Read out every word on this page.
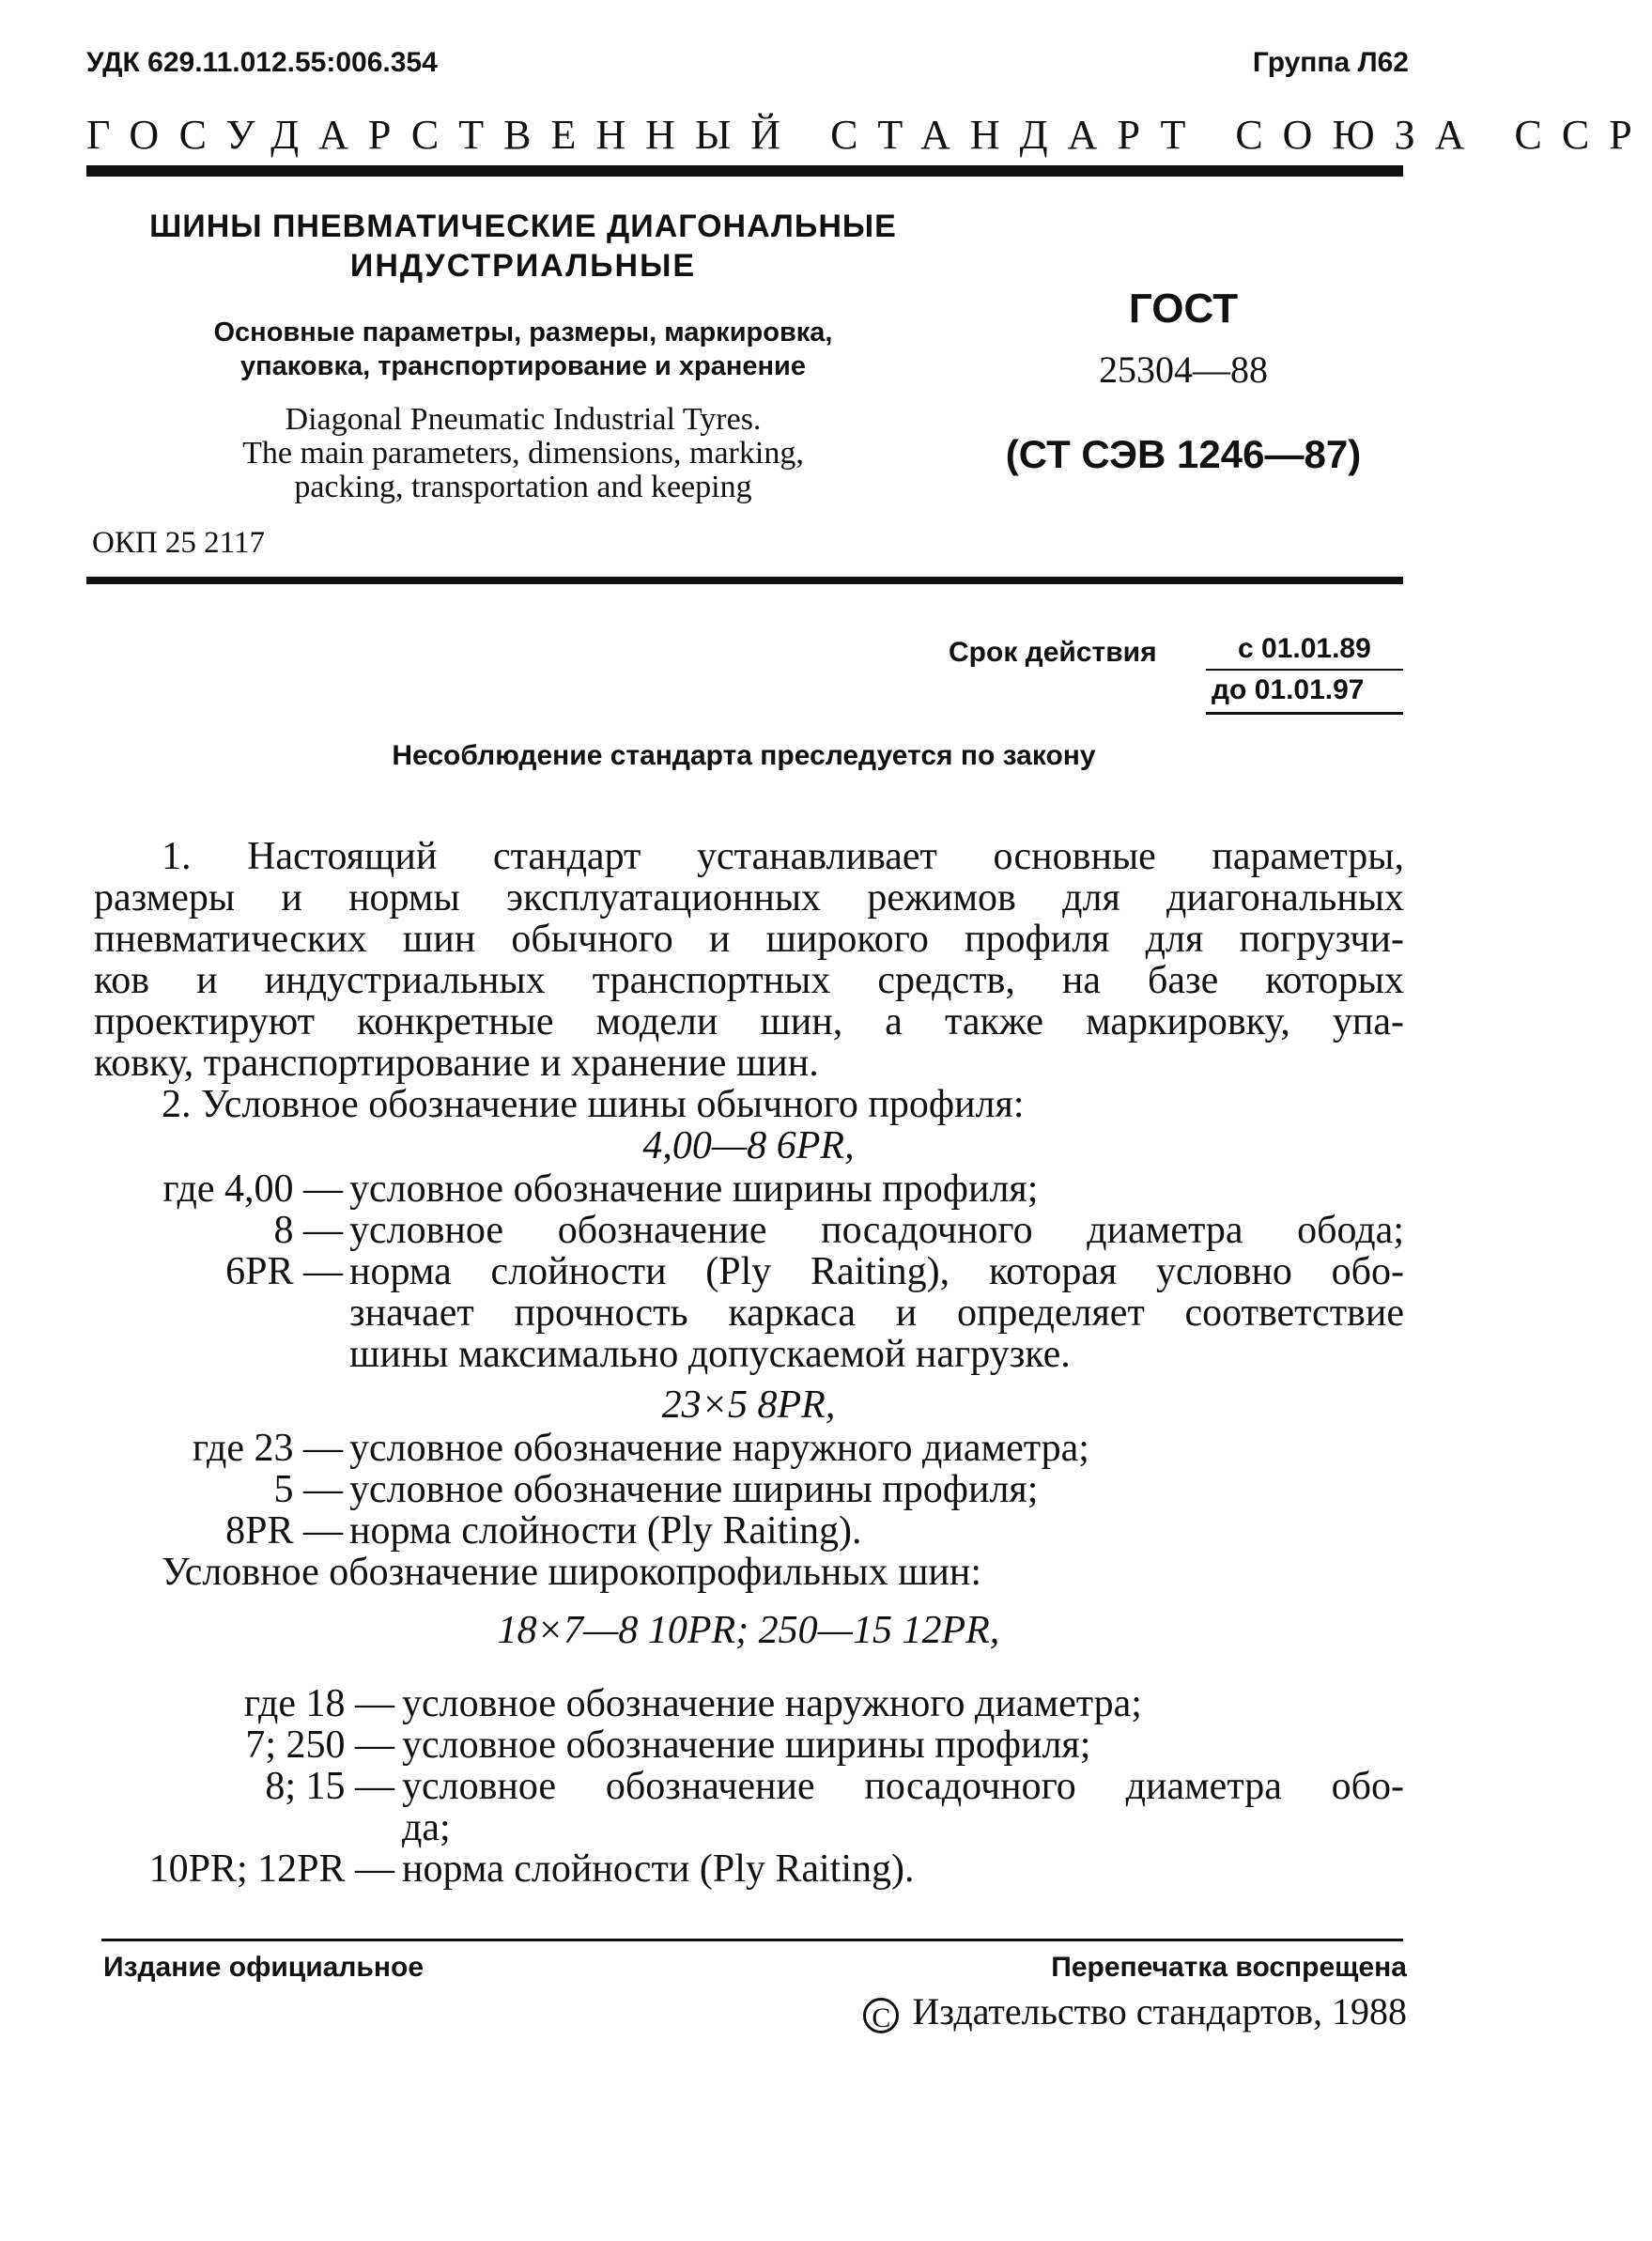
УДК 629.11.012.55:006.354	Группа Л62
ГОСУДАРСТВЕННЫЙ СТАНДАРТ СОЮЗА ССР
ШИНЫ ПНЕВМАТИЧЕСКИЕ ДИАГОНАЛЬНЫЕ
ИНДУСТРИАЛЬНЫЕ
Основные параметры, размеры, маркировка,
упаковка, транспортирование и хранение
Diagonal Pneumatic Industrial Tyres.
The main parameters, dimensions, marking,
packing, transportation and keeping
ОКП 25 2117
ГОСТ
25304—88
(СТ СЭВ 1246—87)
Срок действия	с 01.01.89
до 01.01.97
Несоблюдение стандарта преследуется по закону
1. Настоящий стандарт устанавливает основные параметры,
размеры и нормы эксплуатационных режимов для диагональных
пневматических шин обычного и широкого профиля для погрузчи-
ков и индустриальных транспортных средств, на базе которых
проектируют конкретные модели шин, а также маркировку, упа-
ковку, транспортирование и хранение шин.
2. Условное обозначение шины обычного профиля:
4,00—8 6PR,
где 4,00 — условное обозначение ширины профиля;
8 — условное обозначение посадочного диаметра обода;
6PR — норма слойности (Ply Raiting), которая условно обо-
значает прочность каркаса и определяет соответствие
шины максимально допускаемой нагрузке.
23×5 8PR,
где 23 — условное обозначение наружного диаметра;
5 — условное обозначение ширины профиля;
8PR — норма слойности (Ply Raiting).
Условное обозначение широкопрофильных шин:
18×7—8 10PR; 250—15 12PR,
где 18 — условное обозначение наружного диаметра;
7; 250 — условное обозначение ширины профиля;
8; 15 — условное обозначение посадочного диаметра обо-
да;
10PR; 12PR — норма слойности (Ply Raiting).
Издание официальное	Перепечатка воспрещена
C Издательство стандартов, 1988
